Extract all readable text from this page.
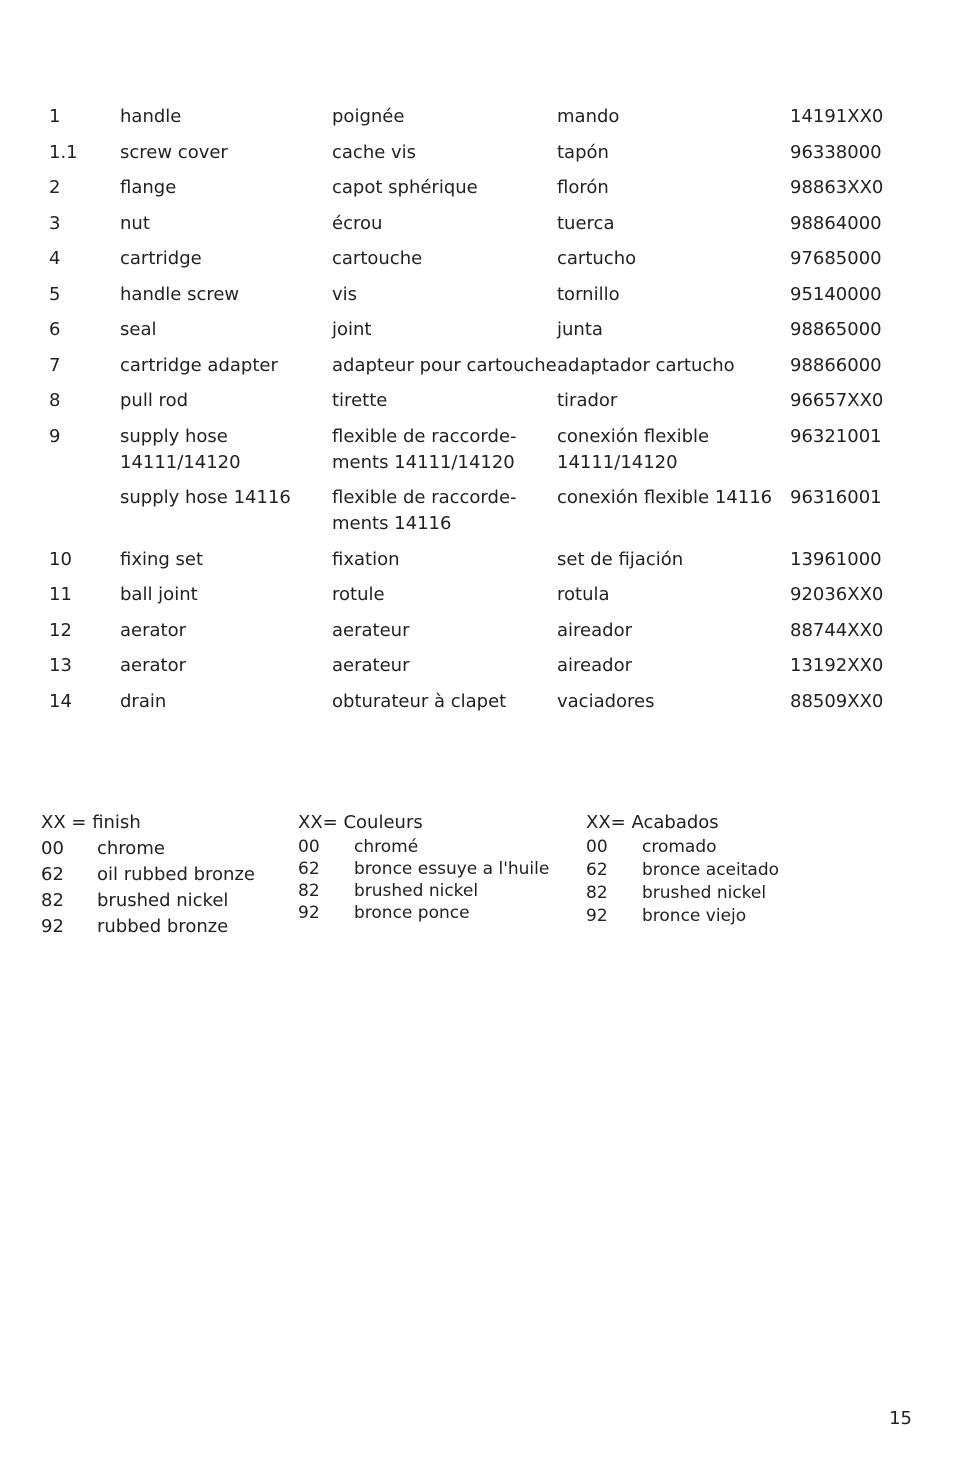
1	handle	poignée	mando	14191XX0
1.1	screw cover	cache vis	tapón	96338000
2	flange	capot sphérique	florón	98863XX0
3	nut	écrou	tuerca	98864000
4	cartridge	cartouche	cartucho	97685000
5	handle screw	vis	tornillo	95140000
6	seal	joint	junta	98865000
7	cartridge adapter	adapteur pour cartouche	adaptador cartucho	98866000
8	pull rod	tirette	tirador	96657XX0
9	supply hose 14111/14120	flexible de raccorde-ments 14111/14120	conexión flexible 14111/14120	96321001
	supply hose 14116	flexible de raccorde-ments 14116	conexión flexible 14116	96316001
10	fixing set	fixation	set de fijación	13961000
11	ball joint	rotule	rotula	92036XX0
12	aerator	aerateur	aireador	88744XX0
13	aerator	aerateur	aireador	13192XX0
14	drain	obturateur à clapet	vaciadores	88509XX0
XX = finish
00	chrome
62	oil rubbed bronze
82	brushed nickel
92	rubbed bronze
XX= Couleurs
00	chromé
62	bronce essuye a l'huile
82	brushed nickel
92	bronce ponce
XX= Acabados
00	cromado
62	bronce aceitado
82	brushed nickel
92	bronce viejo
15
